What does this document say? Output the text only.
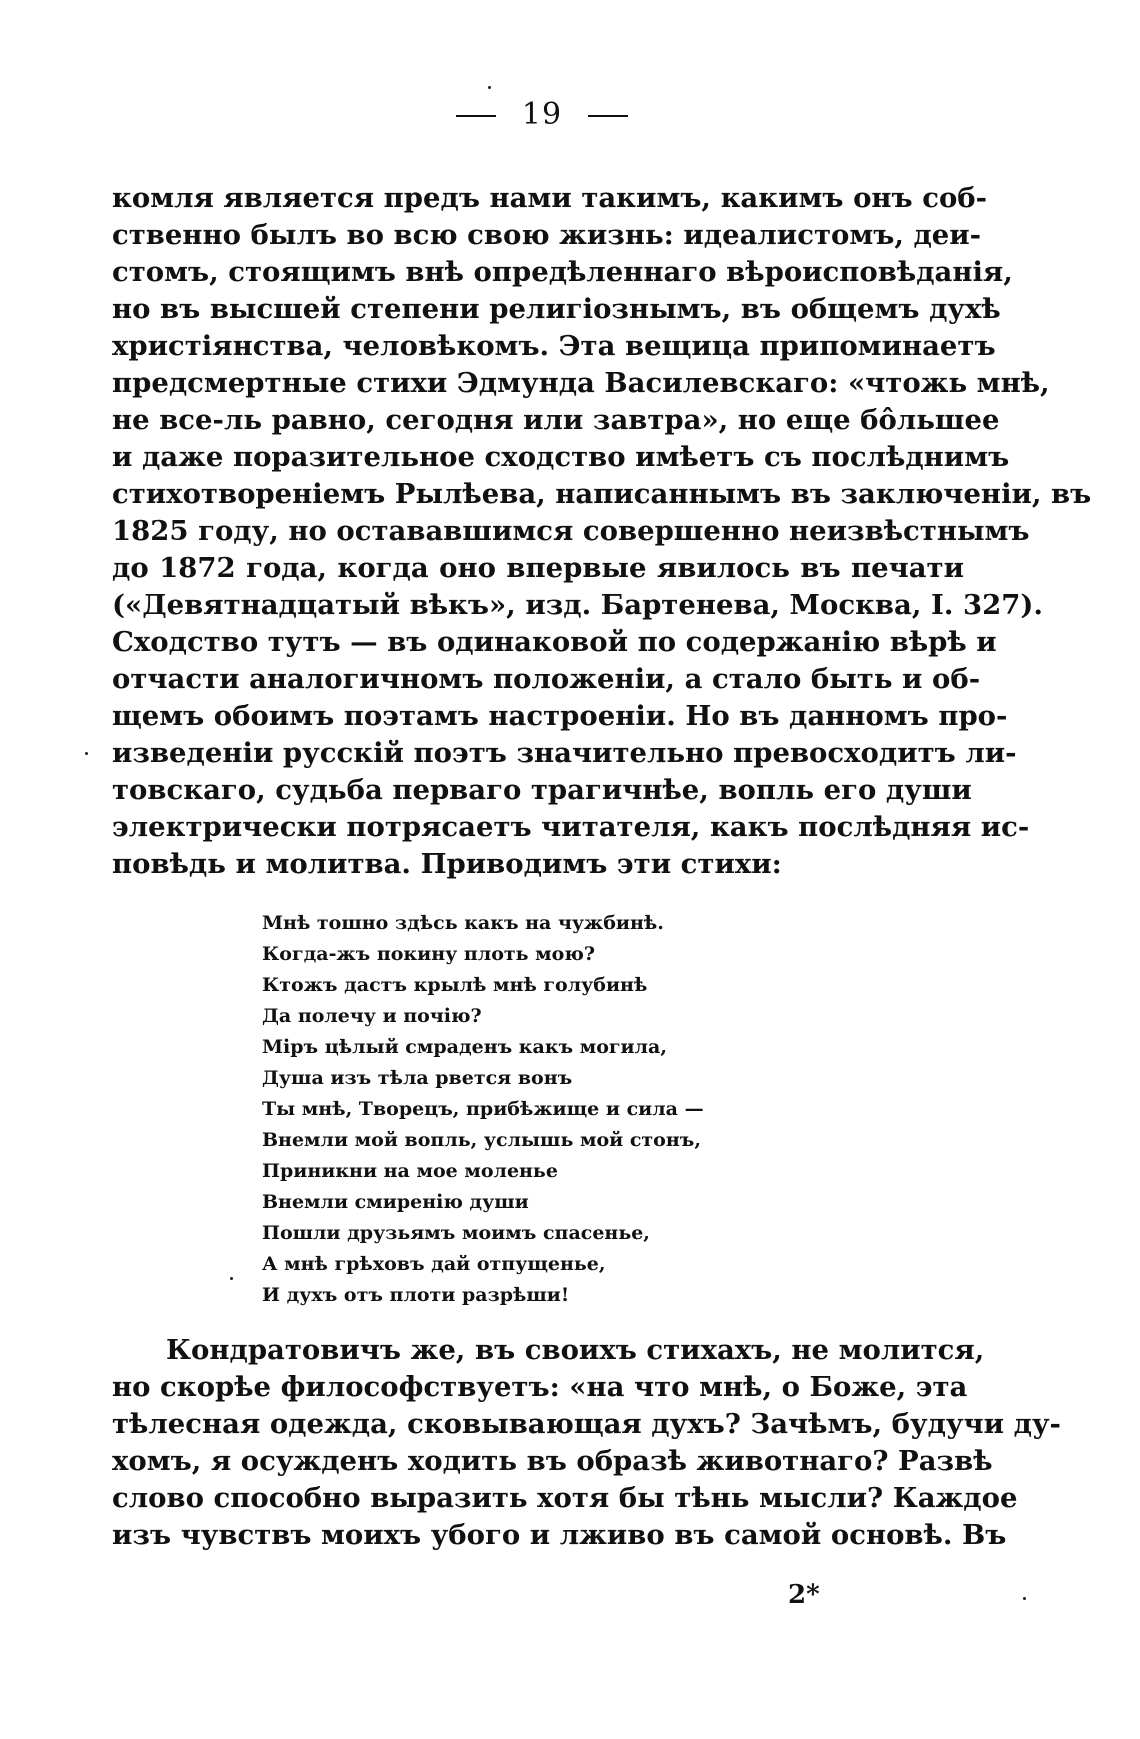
19
комля является предъ нами такимъ, какимъ онъ соб-
ственно былъ во всю свою жизнь: идеалистомъ, деи-
стомъ, стоящимъ внѣ опредѣленнаго вѣроисповѣданія,
но въ высшей степени религіознымъ, въ общемъ духѣ
христіянства, человѣкомъ. Эта вещица припоминаетъ
предсмертные стихи Эдмунда Василевскаго: «чтожь мнѣ,
не все-ль равно, сегодня или завтра», но еще бо̂льшее
и даже поразительное сходство имѣетъ съ послѣднимъ
стихотвореніемъ Рылѣева, написаннымъ въ заключеніи, въ
1825 году, но остававшимся совершенно неизвѣстнымъ
до 1872 года, когда оно впервые явилось въ печати
(«Девятнадцатый вѣкъ», изд. Бартенева, Москва, I. 327).
Сходство тутъ — въ одинаковой по содержанію вѣрѣ и
отчасти аналогичномъ положеніи, а стало быть и об-
щемъ обоимъ поэтамъ настроеніи. Но въ данномъ про-
изведеніи русскій поэтъ значительно превосходитъ ли-
товскаго, судьба перваго трагичнѣе, вопль его души
электрически потрясаетъ читателя, какъ послѣдняя ис-
повѣдь и молитва. Приводимъ эти стихи:
Мнѣ тошно здѣсь какъ на чужбинѣ.
Когда-жъ покину плоть мою?
Ктожъ дастъ крылѣ мнѣ голубинѣ
Да полечу и почію?
Міръ цѣлый смраденъ какъ могила,
Душа изъ тѣла рвется вонъ
Ты мнѣ, Творецъ, прибѣжище и сила —
Внемли мой вопль, услышь мой стонъ,
Приникни на мое моленье
Внемли смиренію души
Пошли друзьямъ моимъ спасенье,
А мнѣ грѣховъ дай отпущенье,
И духъ отъ плоти разрѣши!
Кондратовичъ же, въ своихъ стихахъ, не молится,
но скорѣе философствуетъ: «на что мнѣ, о Боже, эта
тѣлесная одежда, сковывающая духъ? Зачѣмъ, будучи ду-
хомъ, я осужденъ ходить въ образѣ животнаго? Развѣ
слово способно выразить хотя бы тѣнь мысли? Каждое
изъ чувствъ моихъ убого и лживо въ самой основѣ. Въ
2*
